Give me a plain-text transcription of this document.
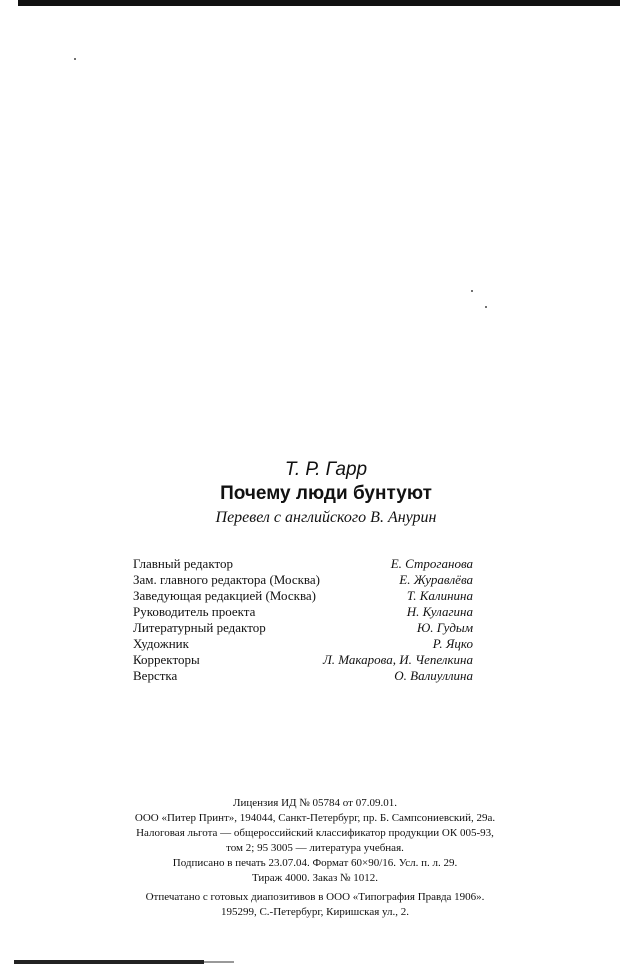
Т. Р. Гарр
Почему люди бунтуют
Перевел с английского В. Анурин
Главный редактор	Е. Строганова
Зам. главного редактора (Москва)	Е. Журавлёва
Заведующая редакцией (Москва)	Т. Калинина
Руководитель проекта	Н. Кулагина
Литературный редактор	Ю. Гудым
Художник	Р. Яцко
Корректоры	Л. Макарова, И. Чепелкина
Верстка	О. Валиуллина
Лицензия ИД № 05784 от 07.09.01.
ООО «Питер Принт», 194044, Санкт-Петербург, пр. Б. Сампсониевский, 29а.
Налоговая льгота — общероссийский классификатор продукции ОК 005-93,
том 2; 95 3005 — литература учебная.
Подписано в печать 23.07.04. Формат 60×90/16. Усл. п. л. 29.
Тираж 4000. Заказ № 1012.
Отпечатано с готовых диапозитивов в ООО «Типография Правда 1906».
195299, С.-Петербург, Киришская ул., 2.
